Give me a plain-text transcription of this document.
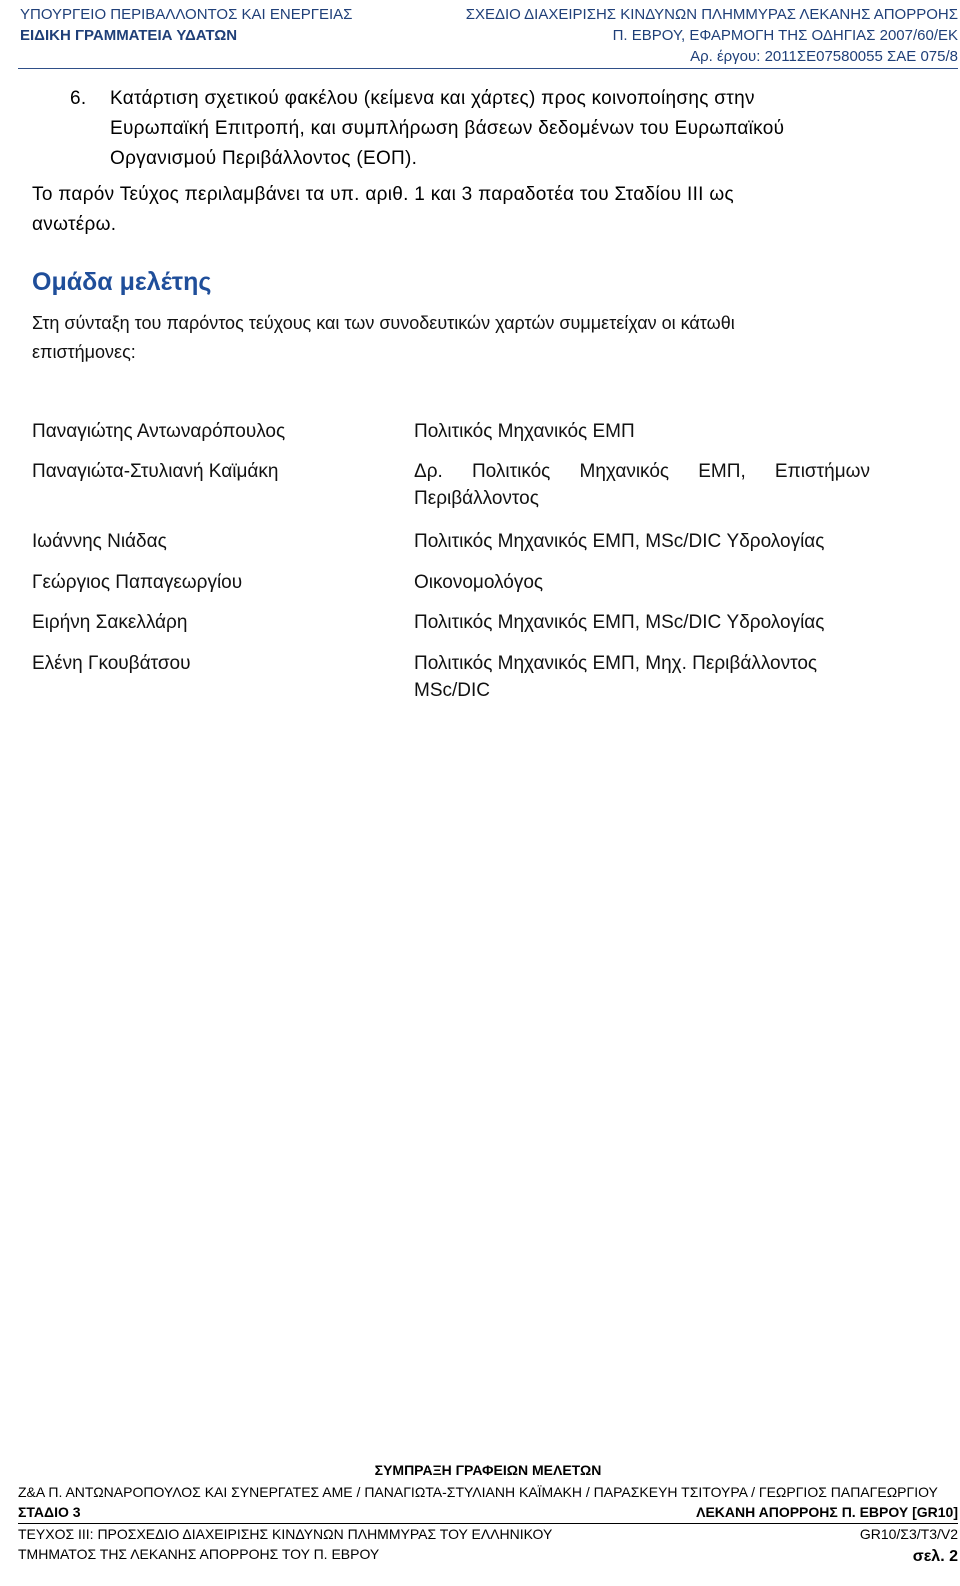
ΥΠΟΥΡΓΕΙΟ ΠΕΡΙΒΑΛΛΟΝΤΟΣ ΚΑΙ ΕΝΕΡΓΕΙΑΣ
ΕΙΔΙΚΗ ΓΡΑΜΜΑΤΕΙΑ ΥΔΑΤΩΝ
ΣΧΕΔΙΟ ΔΙΑΧΕΙΡΙΣΗΣ ΚΙΝΔΥΝΩΝ ΠΛΗΜΜΥΡΑΣ ΛΕΚΑΝΗΣ ΑΠΟΡΡΟΗΣ
Π. ΕΒΡΟΥ, ΕΦΑΡΜΟΓΗ ΤΗΣ ΟΔΗΓΙΑΣ 2007/60/ΕΚ
Αρ. έργου: 2011ΣΕ07580055 ΣΑΕ 075/8
6. Κατάρτιση σχετικού φακέλου (κείμενα και χάρτες) προς κοινοποίησης στην
Ευρωπαϊκή Επιτροπή, και συμπλήρωση βάσεων δεδομένων του Ευρωπαϊκού
Οργανισμού Περιβάλλοντος (ΕΟΠ).
Το παρόν Τεύχος περιλαμβάνει τα υπ. αριθ. 1 και 3 παραδοτέα του Σταδίου ΙΙΙ ως
ανωτέρω.
Ομάδα μελέτης
Στη σύνταξη του παρόντος τεύχους και των συνοδευτικών χαρτών συμμετείχαν οι κάτωθι
επιστήμονες:
Παναγιώτης Αντωναρόπουλος	Πολιτικός Μηχανικός ΕΜΠ
Παναγιώτα-Στυλιανή Καϊμάκη	Δρ. Πολιτικός Μηχανικός ΕΜΠ, Επιστήμων
Περιβάλλοντος
Ιωάννης Νιάδας	Πολιτικός Μηχανικός ΕΜΠ, MSc/DIC Υδρολογίας
Γεώργιος Παπαγεωργίου	Οικονομολόγος
Ειρήνη Σακελλάρη	Πολιτικός Μηχανικός ΕΜΠ, MSc/DIC Υδρολογίας
Ελένη Γκουβάτσου	Πολιτικός Μηχανικός ΕΜΠ, Μηχ. Περιβάλλοντος
MSc/DIC
ΣΥΜΠΡΑΞΗ ΓΡΑΦΕΙΩΝ ΜΕΛΕΤΩΝ
Ζ&Α Π. ΑΝΤΩΝΑΡΟΠΟΥΛΟΣ ΚΑΙ ΣΥΝΕΡΓΑΤΕΣ ΑΜΕ / ΠΑΝΑΓΙΩΤΑ-ΣΤΥΛΙΑΝΗ ΚΑΪΜΑΚΗ / ΠΑΡΑΣΚΕΥΗ ΤΣΙΤΟΥΡΑ / ΓΕΩΡΓΙΟΣ ΠΑΠΑΓΕΩΡΓΙΟΥ
ΣΤΑΔΙΟ 3	ΛΕΚΑΝΗ ΑΠΟΡΡΟΗΣ Π. ΕΒΡΟΥ [GR10]
ΤΕΥΧΟΣ ΙΙΙ: ΠΡΟΣΧΕΔΙΟ ΔΙΑΧΕΙΡΙΣΗΣ ΚΙΝΔΥΝΩΝ ΠΛΗΜΜΥΡΑΣ ΤΟΥ ΕΛΛΗΝΙΚΟΥ
ΤΜΗΜΑΤΟΣ ΤΗΣ ΛΕΚΑΝΗΣ ΑΠΟΡΡΟΗΣ ΤΟΥ Π. ΕΒΡΟΥ
GR10/Σ3/Τ3/V2
σελ. 2
